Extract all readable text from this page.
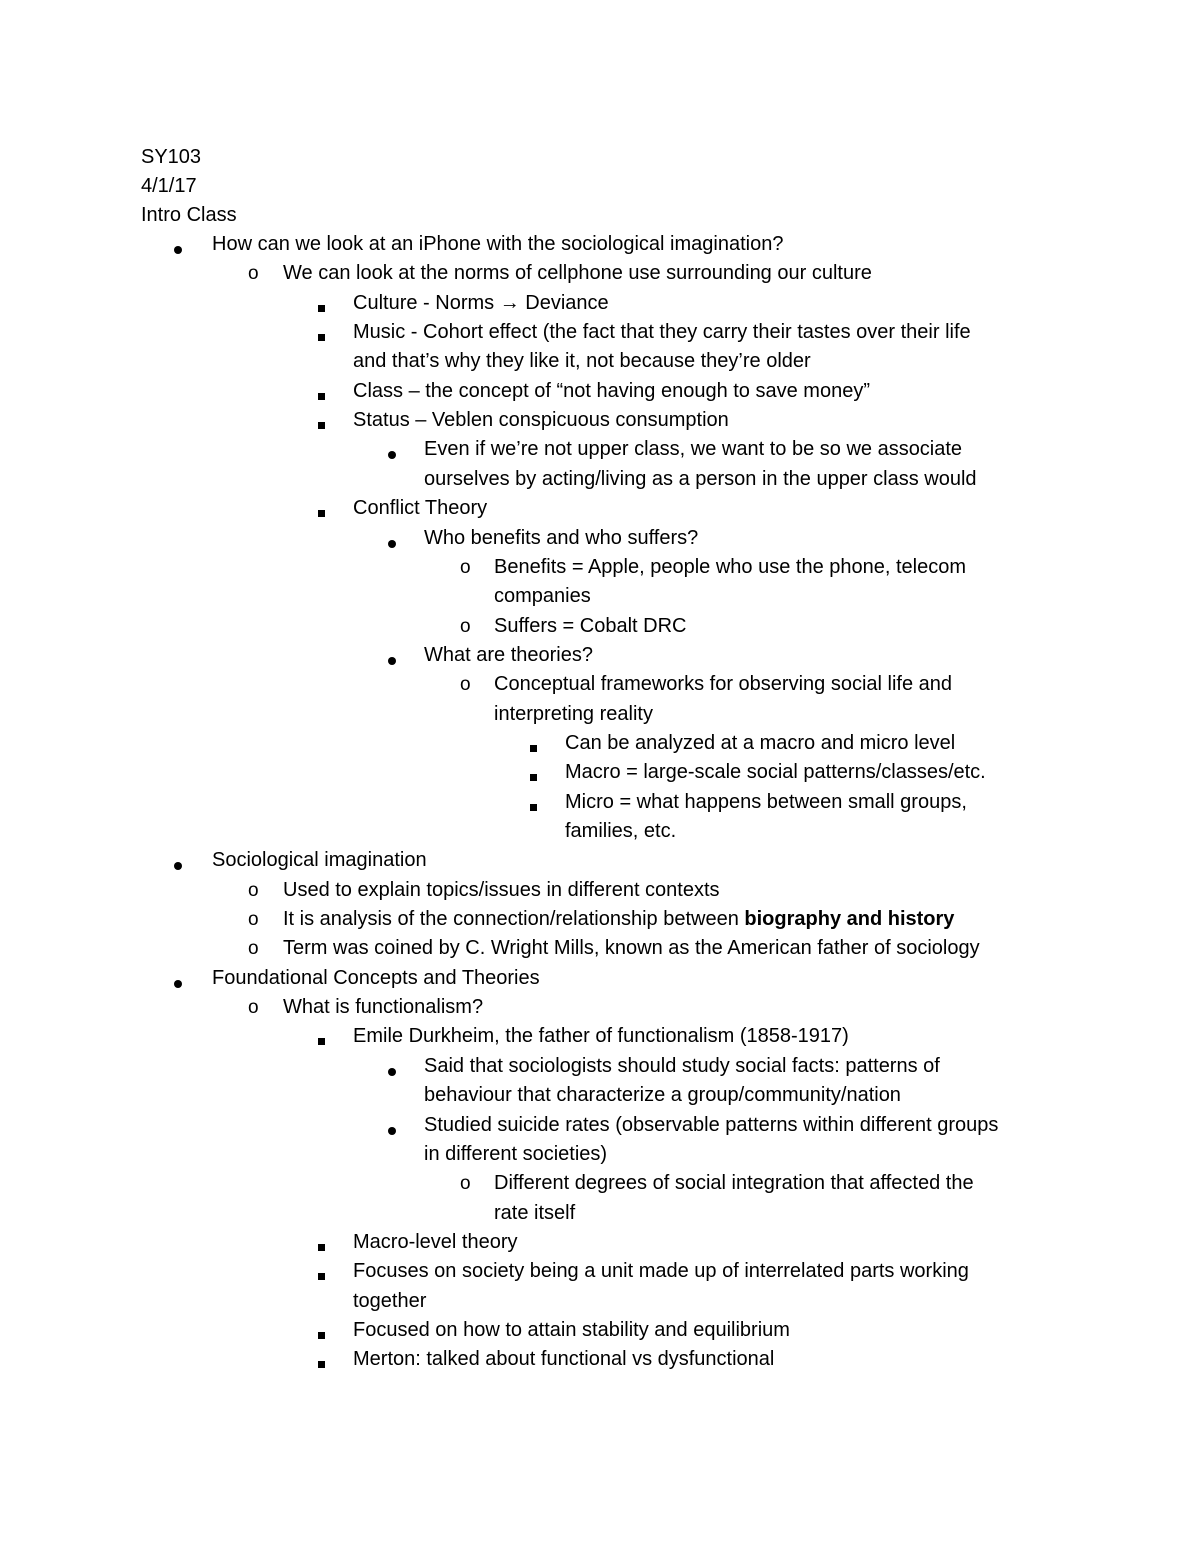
SY103
4/1/17
Intro Class
How can we look at an iPhone with the sociological imagination?
o We can look at the norms of cellphone use surrounding our culture
Culture - Norms → Deviance
Music - Cohort effect (the fact that they carry their tastes over their life
and that’s why they like it, not because they’re older
Class – the concept of “not having enough to save money”
Status – Veblen conspicuous consumption
Even if we’re not upper class, we want to be so we associate
ourselves by acting/living as a person in the upper class would
Conflict Theory
Who benefits and who suffers?
o Benefits = Apple, people who use the phone, telecom
companies
o Suffers = Cobalt DRC
What are theories?
o Conceptual frameworks for observing social life and
interpreting reality
Can be analyzed at a macro and micro level
Macro = large-scale social patterns/classes/etc.
Micro = what happens between small groups,
families, etc.
Sociological imagination
o Used to explain topics/issues in different contexts
o It is analysis of the connection/relationship between biography and history
o Term was coined by C. Wright Mills, known as the American father of sociology
Foundational Concepts and Theories
o What is functionalism?
Emile Durkheim, the father of functionalism (1858-1917)
Said that sociologists should study social facts: patterns of
behaviour that characterize a group/community/nation
Studied suicide rates (observable patterns within different groups
in different societies)
o Different degrees of social integration that affected the
rate itself
Macro-level theory
Focuses on society being a unit made up of interrelated parts working
together
Focused on how to attain stability and equilibrium
Merton: talked about functional vs dysfunctional
